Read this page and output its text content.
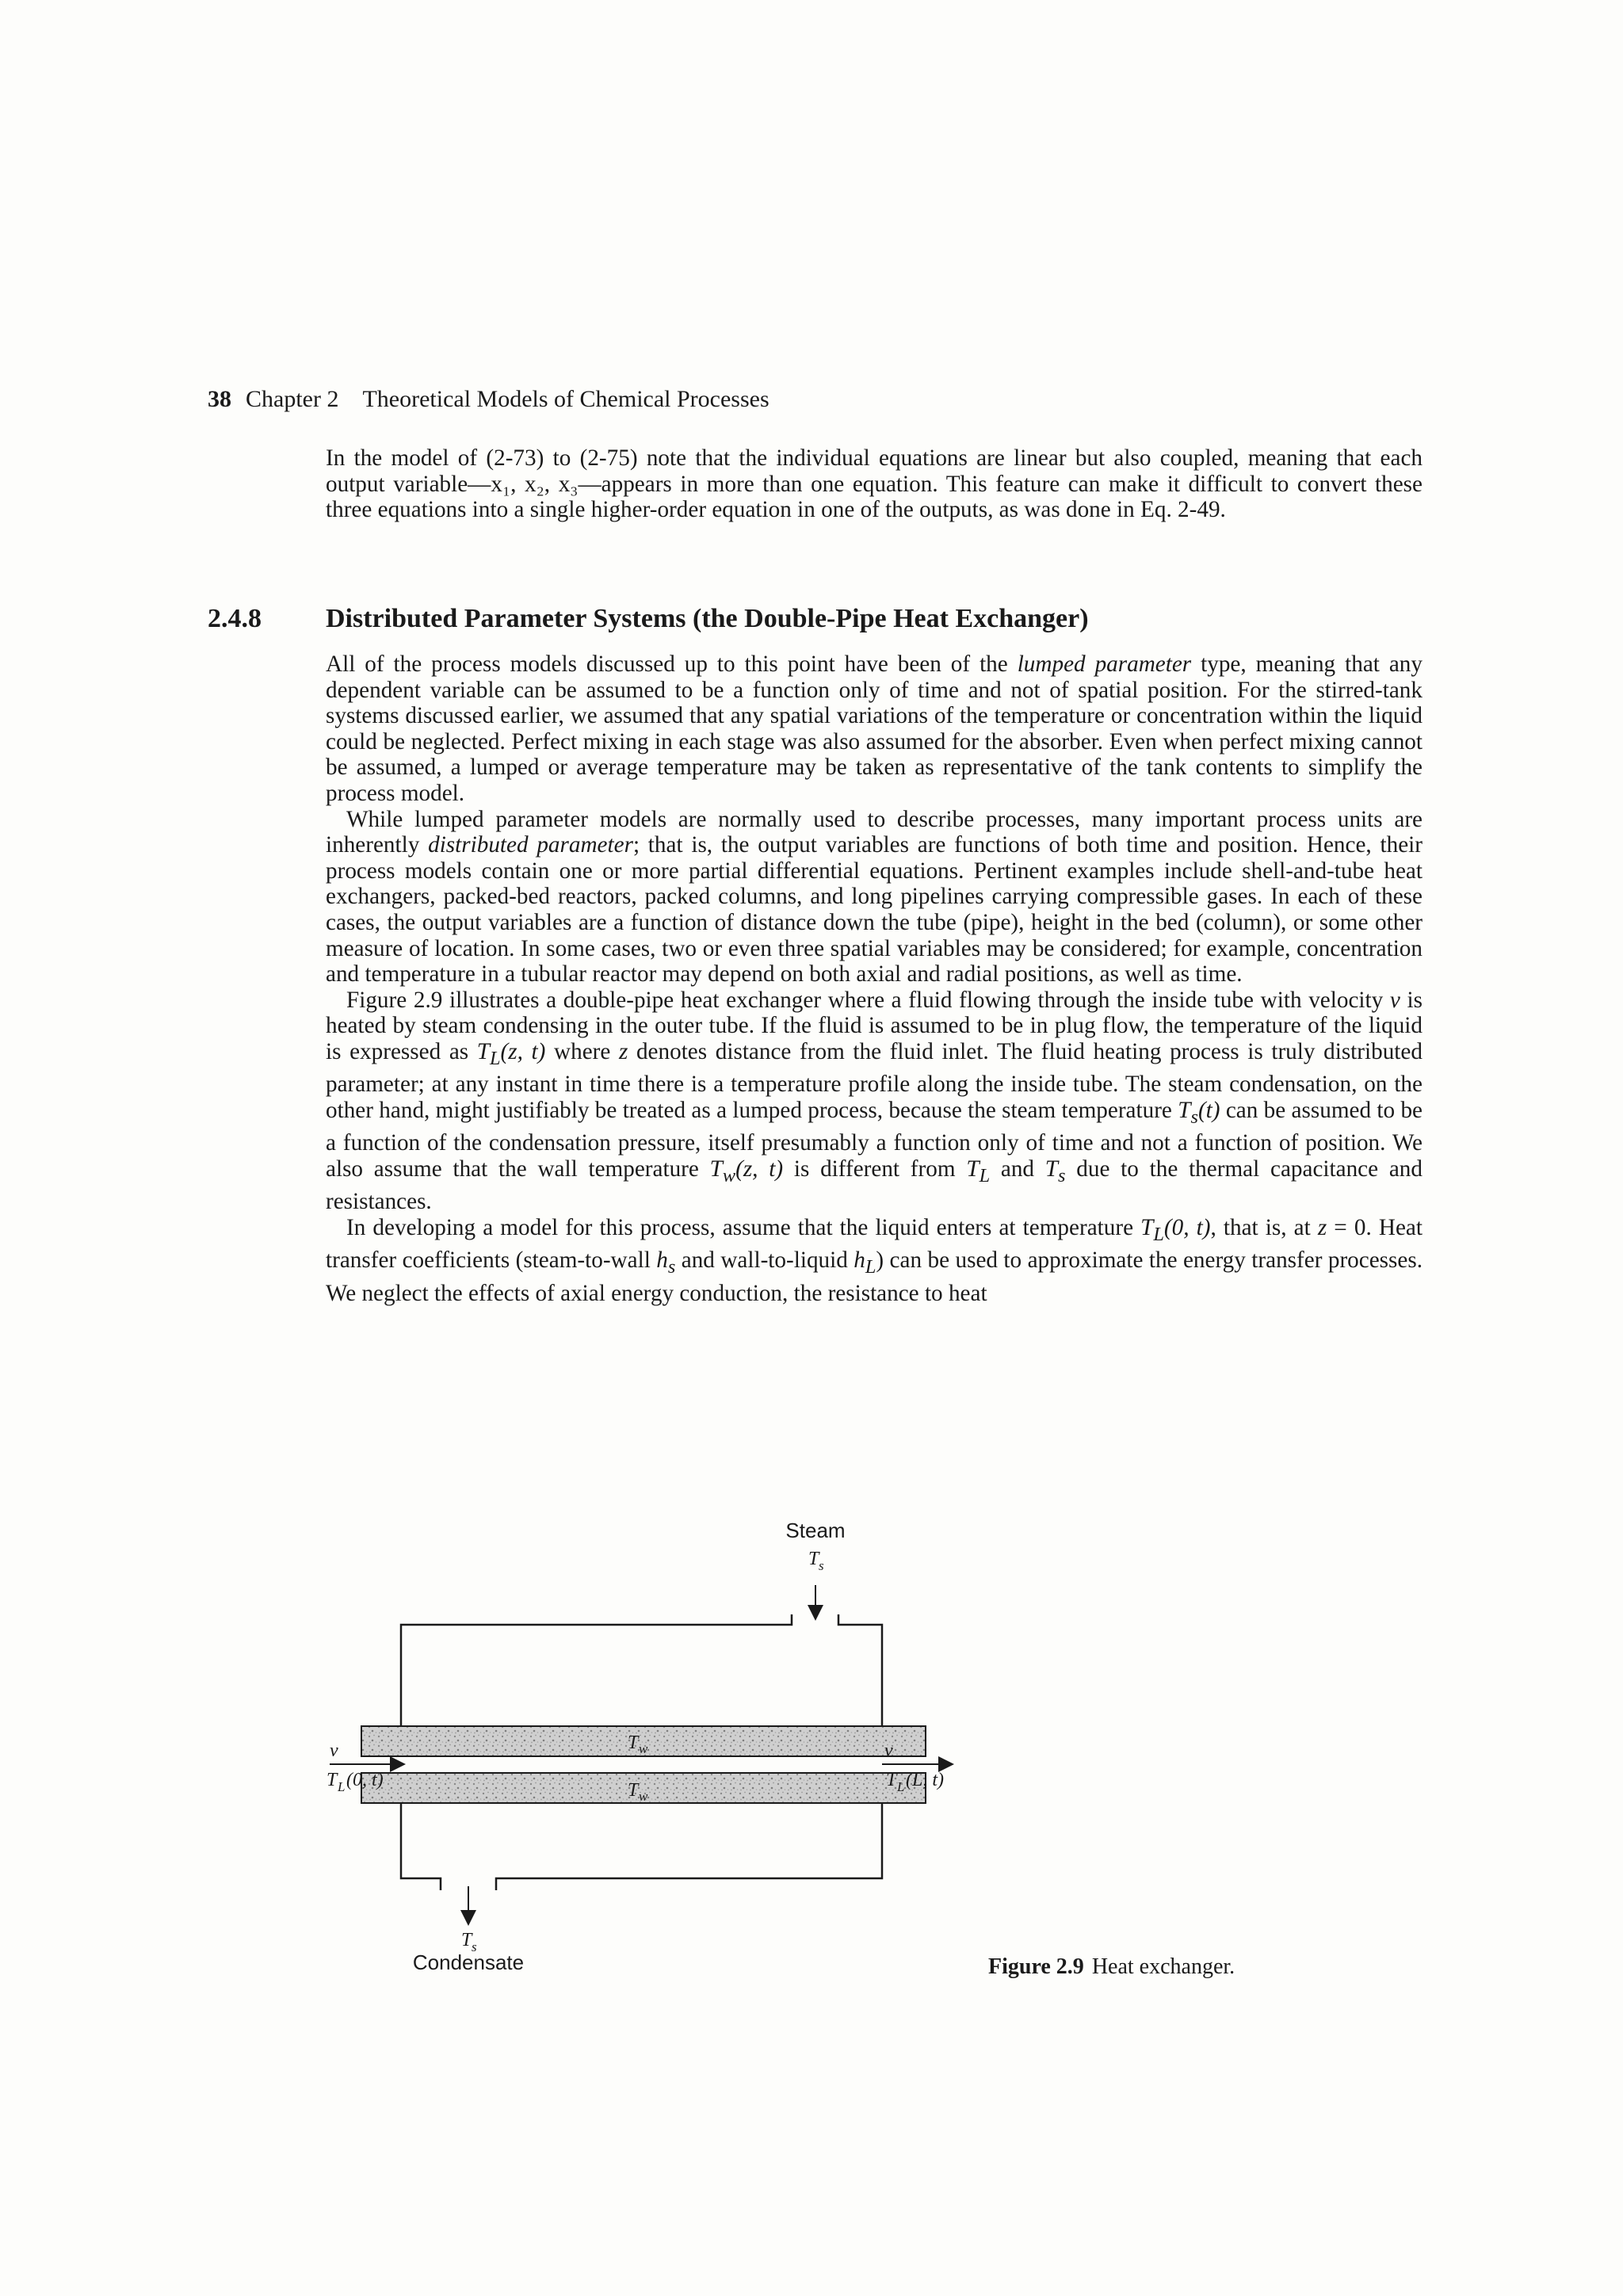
38 Chapter 2 Theoretical Models of Chemical Processes

In the model of (2-73) to (2-75) note that the individual equations are linear but also coupled, meaning that each output variable—x₁, x₂, x₃—appears in more than one equation. This feature can make it difficult to convert these three equations into a single higher-order equation in one of the outputs, as was done in Eq. 2-49.

2.4.8 Distributed Parameter Systems (the Double-Pipe Heat Exchanger)

All of the process models discussed up to this point have been of the lumped parameter type, meaning that any dependent variable can be assumed to be a function only of time and not of spatial position. For the stirred-tank systems discussed earlier, we assumed that any spatial variations of the temperature or concentration within the liquid could be neglected. Perfect mixing in each stage was also assumed for the absorber. Even when perfect mixing cannot be assumed, a lumped or average temperature may be taken as representative of the tank contents to simplify the process model.

While lumped parameter models are normally used to describe processes, many important process units are inherently distributed parameter; that is, the output variables are functions of both time and position. Hence, their process models contain one or more partial differential equations. Pertinent examples include shell-and-tube heat exchangers, packed-bed reactors, packed columns, and long pipelines carrying compressible gases. In each of these cases, the output variables are a function of distance down the tube (pipe), height in the bed (column), or some other measure of location. In some cases, two or even three spatial variables may be considered; for example, concentration and temperature in a tubular reactor may depend on both axial and radial positions, as well as time.

Figure 2.9 illustrates a double-pipe heat exchanger where a fluid flowing through the inside tube with velocity v is heated by steam condensing in the outer tube. If the fluid is assumed to be in plug flow, the temperature of the liquid is expressed as $T_L(z$, t) where z denotes distance from the fluid inlet. The fluid heating process is truly distributed parameter; at any instant in time there is a temperature profile along the inside tube. The steam condensation, on the other hand, might justifiably be treated as a lumped process, because the steam temperature $T_s(t)$ can be assumed to be a function of the condensation pressure, itself presumably a function only of time and not a function of position. We also assume that the wall temperature $T_w(z$, t) is different from $T_L$ and $T_s$ due to the thermal capacitance and resistances.

In developing a model for this process, assume that the liquid enters at temperature $T_L(0$, t), that is, at z = 0. Heat transfer coefficients (steam-to-wall $h_s$ and wall-to-liquid $h_L$) can be used to approximate the energy transfer processes. We neglect the effects of axial energy conduction, the resistance to heat

Steam
T s
T w
T w
v
T L (0, t)
v
T L (L, t)
T s
Condensate	Figure 2.9 Heat exchanger.
